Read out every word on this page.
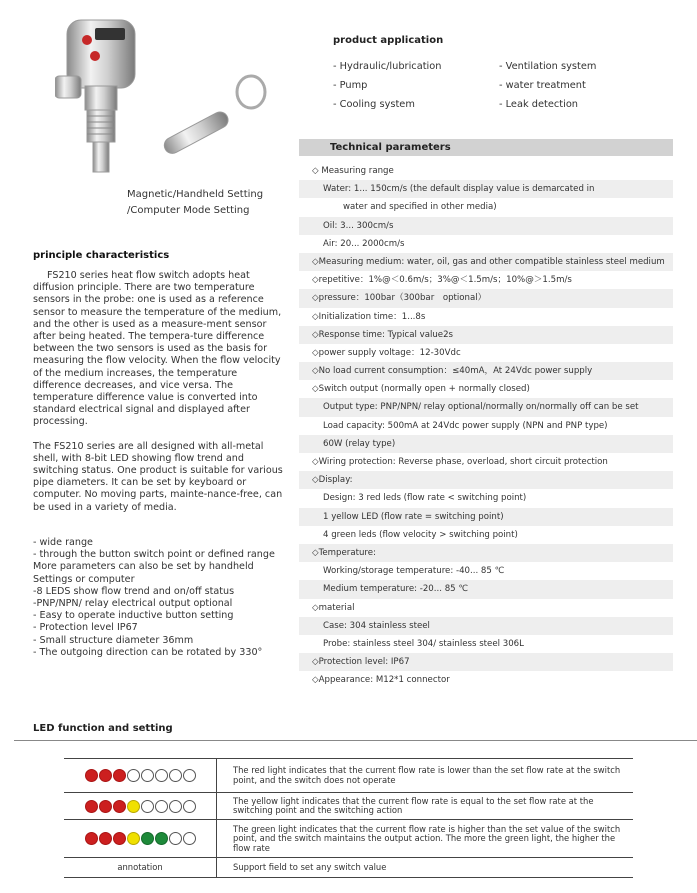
Magnetic/Handheld Setting
/Computer Mode Setting
principle characteristics

FS210 series heat flow switch adopts heat diffusion principle. There are two temperature sensors in the probe: one is used as a reference sensor to measure the temperature of the medium, and the other is used as a measure-ment sensor after being heated. The tempera-ture difference between the two sensors is used as the basis for measuring the flow velocity. When the flow velocity of the medium increases, the temperature difference decreases, and vice versa. The temperature difference value is converted into standard electrical signal and displayed after processing.

The FS210 series are all designed with all-metal shell, with 8-bit LED showing flow trend and switching status. One product is suitable for various pipe diameters. It can be set by keyboard or computer. No moving parts, mainte-nance-free, can be used in a variety of media.

- wide range
- through the button switch point or defined range
More parameters can also be set by handheld
Settings or computer
-8 LEDS show flow trend and on/off status
-PNP/NPN/ relay electrical output optional
- Easy to operate inductive button setting
- Protection level IP67
- Small structure diameter 36mm
- The outgoing direction can be rotated by 330°
product application
- Hydraulic/lubrication
- Pump
- Cooling system
- Ventilation system
- water treatment
- Leak detection
Technical parameters
◇ Measuring range
Water: 1... 150cm/s (the default display value is demarcated in
water and specified in other media)
Oil: 3... 300cm/s
Air: 20... 2000cm/s
◇Measuring medium: water, oil, gas and other compatible stainless steel medium
◇repetitive：1%@＜0.6m/s；3%@＜1.5m/s；10%@＞1.5m/s
◇pressure：100bar（300bar　optional）
◇Initialization time：1...8s
◇Response time: Typical value2s
◇power supply voltage：12-30Vdc
◇No load current consumption：≤40mA，At 24Vdc power supply
◇Switch output (normally open + normally closed)
Output type: PNP/NPN/ relay optional/normally on/normally off can be set
Load capacity: 500mA at 24Vdc power supply (NPN and PNP type)
60W (relay type)
◇Wiring protection: Reverse phase, overload, short circuit protection
◇Display:
Design: 3 red leds (flow rate < switching point)
1 yellow LED (flow rate = switching point)
4 green leds (flow velocity > switching point)
◇Temperature:
Working/storage temperature: -40... 85 ℃
Medium temperature: -20... 85 ℃
◇material
Case: 304 stainless steel
Probe: stainless steel 304/ stainless steel 306L
◇Protection level: IP67
◇Appearance: M12*1 connector
LED function and setting
	The red light indicates that the current flow rate is lower than the set flow rate at the switch point, and the switch does not operate
	The yellow light indicates that the current flow rate is equal to the set flow rate at the switching point and the switching action
	The green light indicates that the current flow rate is higher than the set value of the switch point, and the switch maintains the output action. The more the green light, the higher the flow rate
annotation	Support field to set any switch value
